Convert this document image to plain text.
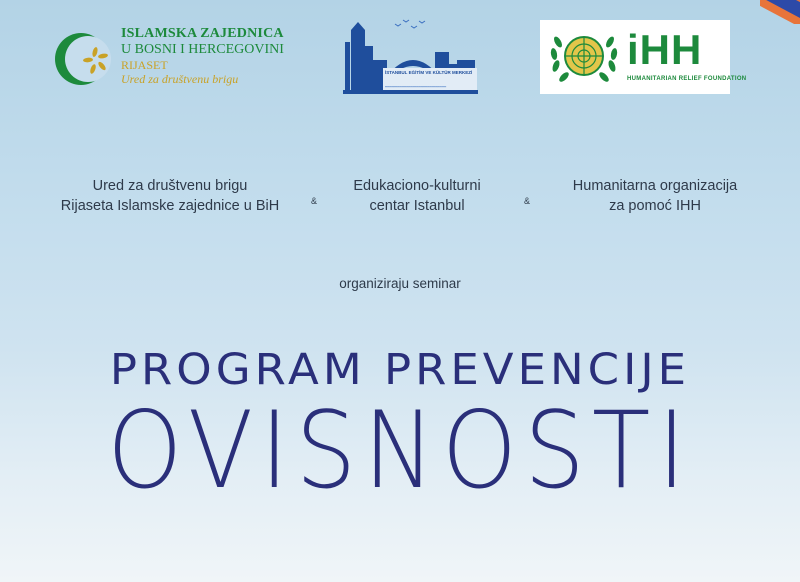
ISLAMSKA ZAJEDNICA
U BOSNI I HERCEGOVINI
RIJASET
Ured za društvenu brigu	İSTANBUL EĞİTİM VE KÜLTÜR MERKEZİ
━━━━━━━━━━━━━━━━━━━━━━━━━━━━━
iHH
HUMANITARIAN RELIEF FOUNDATION
Ured za društvenu brigu
Rijaseta Islamske zajednice u BiH	&
Edukaciono-kulturni
centar Istanbul	&
Humanitarna organizacija
za pomoć IHH
organiziraju seminar
PROGRAM PREVENCIJE
OVISNOSTI
